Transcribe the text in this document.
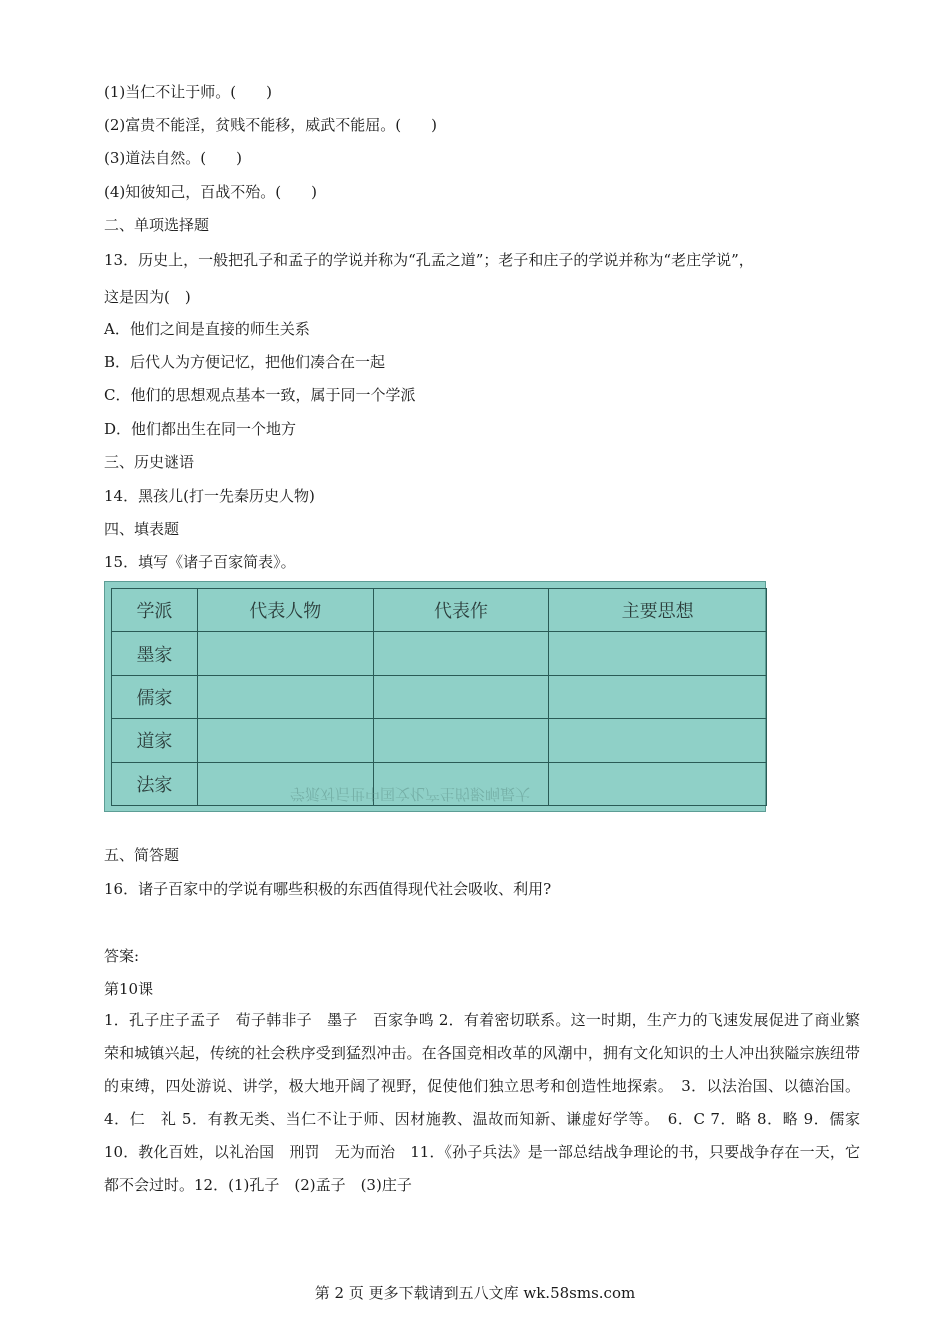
(1)当仁不让于师。(　　)
(2)富贵不能淫，贫贱不能移，威武不能屈。(　　)
(3)道法自然。(　　)
(4)知彼知己，百战不殆。(　　)
二、单项选择题
13．历史上，一般把孔子和孟子的学说并称为“孔孟之道”；老子和庄子的学说并称为“老庄学说”，
这是因为(　)
A．他们之间是直接的师生关系
B．后代人为方便记忆，把他们凑合在一起
C．他们的思想观点基本一致，属于同一个学派
D．他们都出生在同一个地方
三、历史谜语
14．黑孩儿(打一先秦历史人物)
四、填表题
15．填写《诸子百家简表》。
学派	代表人物	代表作	主要思想
墨家			
儒家			
道家			
法家				学派对后世中国文化产生的影响最大
五、简答题
16．诸子百家中的学说有哪些积极的东西值得现代社会吸收、利用?
答案:
第10课
1．孔子庄子孟子　荀子韩非子　墨子　百家争鸣 2．有着密切联系。这一时期，生产力的飞速发展促进了商业繁荣和城镇兴起，传统的社会秩序受到猛烈冲击。在各国竞相改革的风潮中，拥有文化知识的士人冲出狭隘宗族纽带的束缚，四处游说、讲学，极大地开阔了视野，促使他们独立思考和创造性地探索。　3．以法治国、以德治国。4．仁　礼 5．有教无类、当仁不让于师、因材施教、温故而知新、谦虚好学等。　6．C 7．略 8．略 9．儒家 10．教化百姓，以礼治国　刑罚　无为而治　11．《孙子兵法》是一部总结战争理论的书，只要战争存在一天，它都不会过时。12．(1)孔子　(2)孟子　(3)庄子
第 2 页 更多下载请到五八文库 wk.58sms.com
